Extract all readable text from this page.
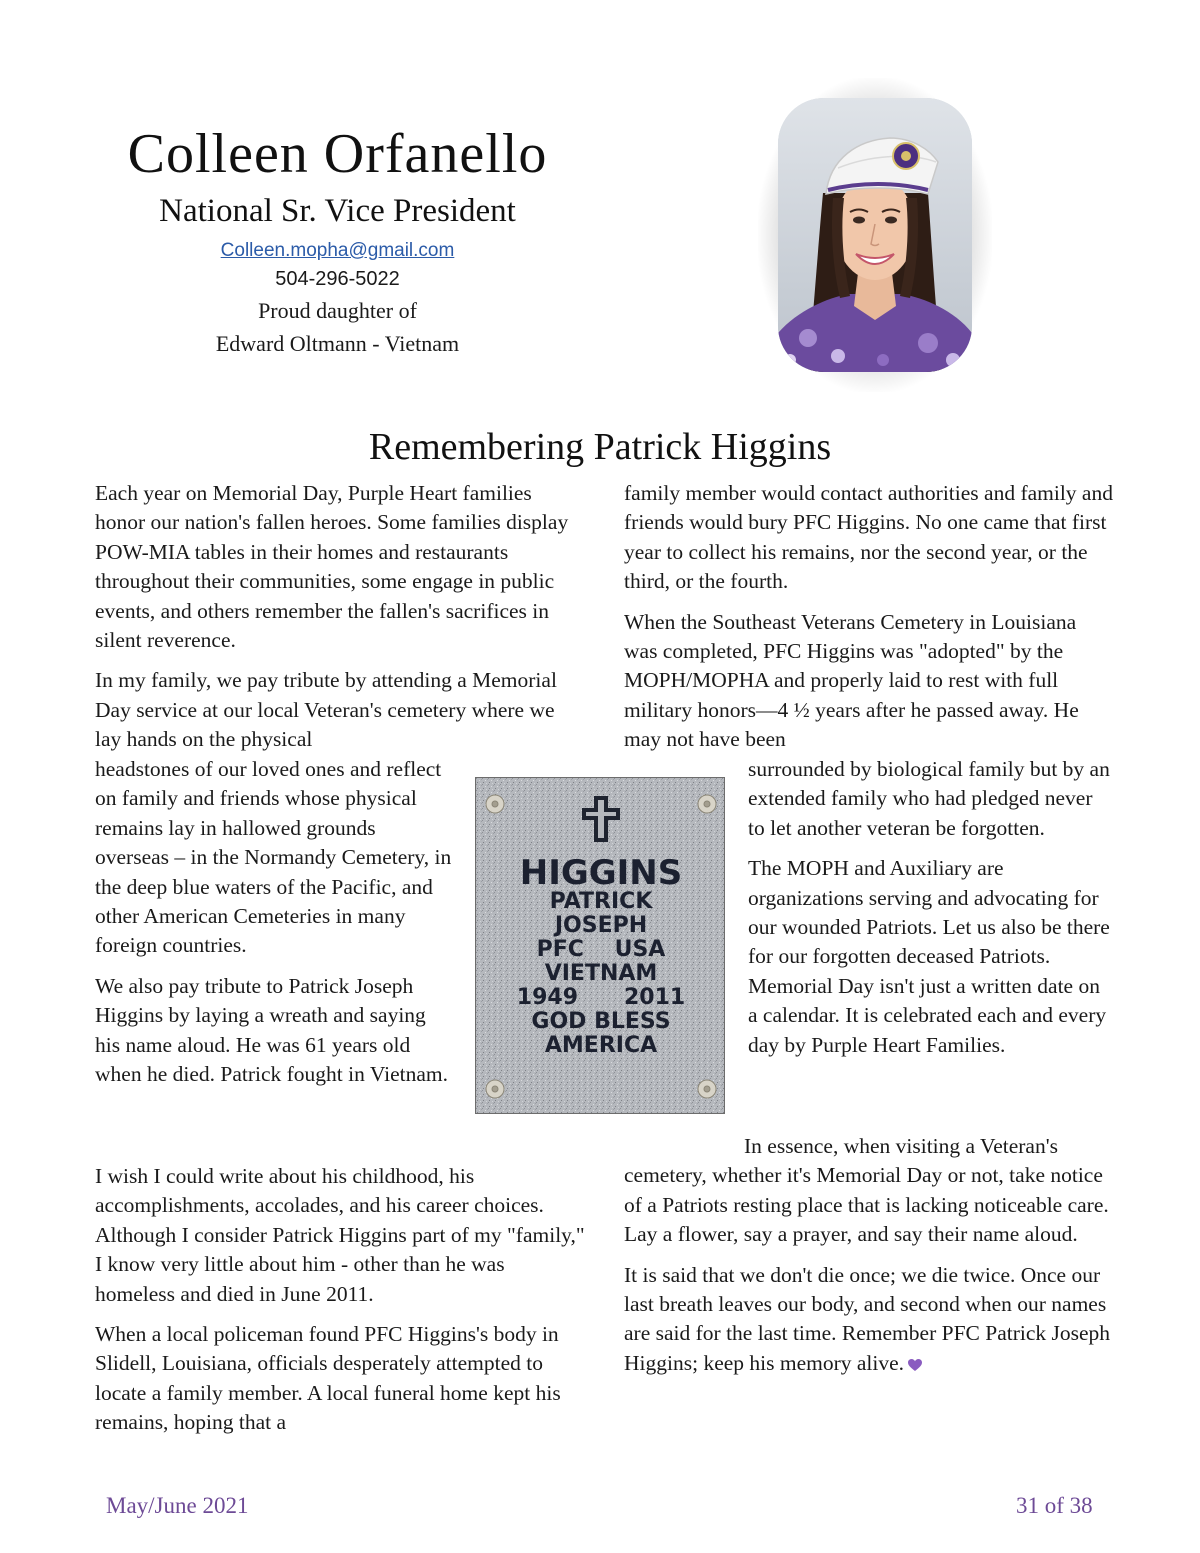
Colleen Orfanello
National Sr. Vice President
Colleen.mopha@gmail.com
504-296-5022
Proud daughter of
Edward Oltmann - Vietnam
Remembering Patrick Higgins

Each year on Memorial Day, Purple Heart families honor our nation's fallen heroes. Some families display POW-MIA tables in their homes and restaurants throughout their communities, some engage in public events, and others remember the fallen's sacrifices in silent reverence.

In my family, we pay tribute by attending a Memorial Day service at our local Veteran's cemetery where we lay hands on the physical

headstones of our loved ones and reflect on family and friends whose physical remains lay in hallowed grounds overseas – in the Normandy Cemetery, in the deep blue waters of the Pacific, and other American Cemeteries in many foreign countries.

We also pay tribute to Patrick Joseph Higgins by laying a wreath and saying his name aloud. He was 61 years old when he died. Patrick fought in Vietnam.

I wish I could write about his childhood, his accomplishments, accolades, and his career choices. Although I consider Patrick Higgins part of my "family," I know very little about him - other than he was homeless and died in June 2011.

When a local policeman found PFC Higgins's body in Slidell, Louisiana, officials desperately attempted to locate a family member. A local funeral home kept his remains, hoping that a

family member would contact authorities and family and friends would bury PFC Higgins. No one came that first year to collect his remains, nor the second year, or the third, or the fourth.

When the Southeast Veterans Cemetery in Louisiana was completed, PFC Higgins was "adopted" by the MOPH/MOPHA and properly laid to rest with full military honors—4 ½ years after he passed away. He may not have been

surrounded by biological family but by an extended family who had pledged never to let another veteran be forgotten.

The MOPH and Auxiliary are organizations serving and advocating for our wounded Patriots. Let us also be there for our forgotten deceased Patriots. Memorial Day isn't just a written date on a calendar. It is celebrated each and every day by Purple Heart Families.

In essence, when visiting a Veteran's cemetery, whether it's Memorial Day or not, take notice of a Patriots resting place that is lacking noticeable care. Lay a flower, say a prayer, and say their name aloud.

It is said that we don't die once; we die twice. Once our last breath leaves our body, and second when our names are said for the last time. Remember PFC Patrick Joseph Higgins; keep his memory alive.

HIGGINS
PATRICK
JOSEPH
PFC    USA
VIETNAM
1949      2011
GOD BLESS
AMERICA
May/June 2021	31 of 38
